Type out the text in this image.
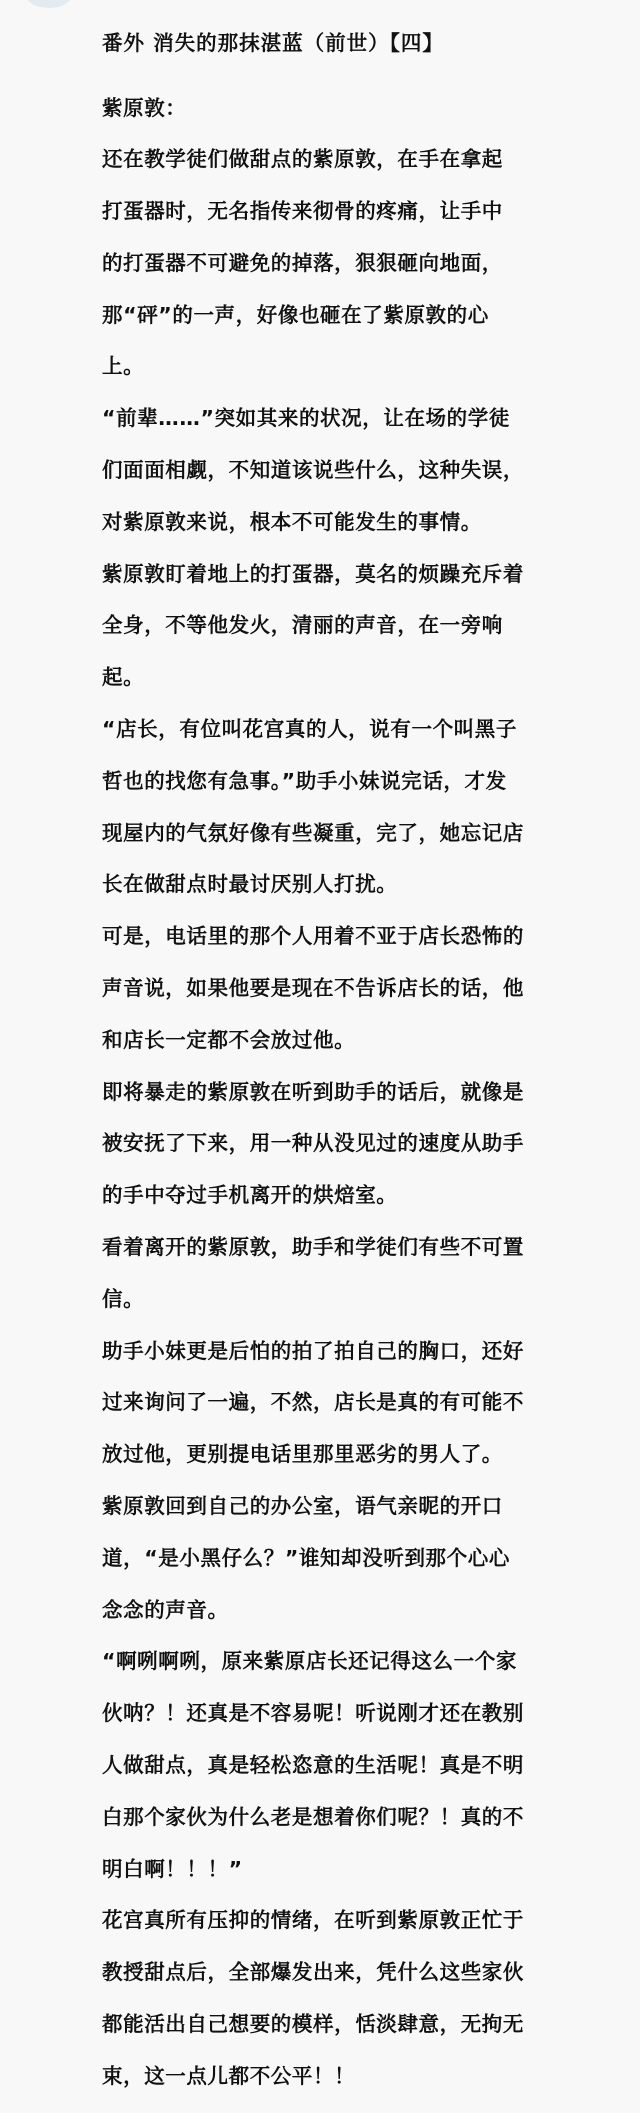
番外 消失的那抹湛蓝（前世）【四】

紫原敦：

还在教学徒们做甜点的紫原敦，在手在拿起

打蛋器时，无名指传来彻骨的疼痛，让手中

的打蛋器不可避免的掉落，狠狠砸向地面，

那“砰”的一声，好像也砸在了紫原敦的心

上。

“前辈……”突如其来的状况，让在场的学徒

们面面相觑，不知道该说些什么，这种失误，

对紫原敦来说，根本不可能发生的事情。

紫原敦盯着地上的打蛋器，莫名的烦躁充斥着

全身，不等他发火，清丽的声音，在一旁响

起。

“店长，有位叫花宫真的人，说有一个叫黑子

哲也的找您有急事。”助手小妹说完话，才发

现屋内的气氛好像有些凝重，完了，她忘记店

长在做甜点时最讨厌别人打扰。

可是，电话里的那个人用着不亚于店长恐怖的

声音说，如果他要是现在不告诉店长的话，他

和店长一定都不会放过他。

即将暴走的紫原敦在听到助手的话后，就像是

被安抚了下来，用一种从没见过的速度从助手

的手中夺过手机离开的烘焙室。

看着离开的紫原敦，助手和学徒们有些不可置

信。

助手小妹更是后怕的拍了拍自己的胸口，还好

过来询问了一遍，不然，店长是真的有可能不

放过他，更别提电话里那里恶劣的男人了。

紫原敦回到自己的办公室，语气亲昵的开口

道，“是小黑仔么？”谁知却没听到那个心心

念念的声音。

“啊咧啊咧，原来紫原店长还记得这么一个家

伙呐？！还真是不容易呢！听说刚才还在教别

人做甜点，真是轻松恣意的生活呢！真是不明

白那个家伙为什么老是想着你们呢？！真的不

明白啊！！！”

花宫真所有压抑的情绪，在听到紫原敦正忙于

教授甜点后，全部爆发出来，凭什么这些家伙

都能活出自己想要的模样，恬淡肆意，无拘无

束，这一点儿都不公平！！
